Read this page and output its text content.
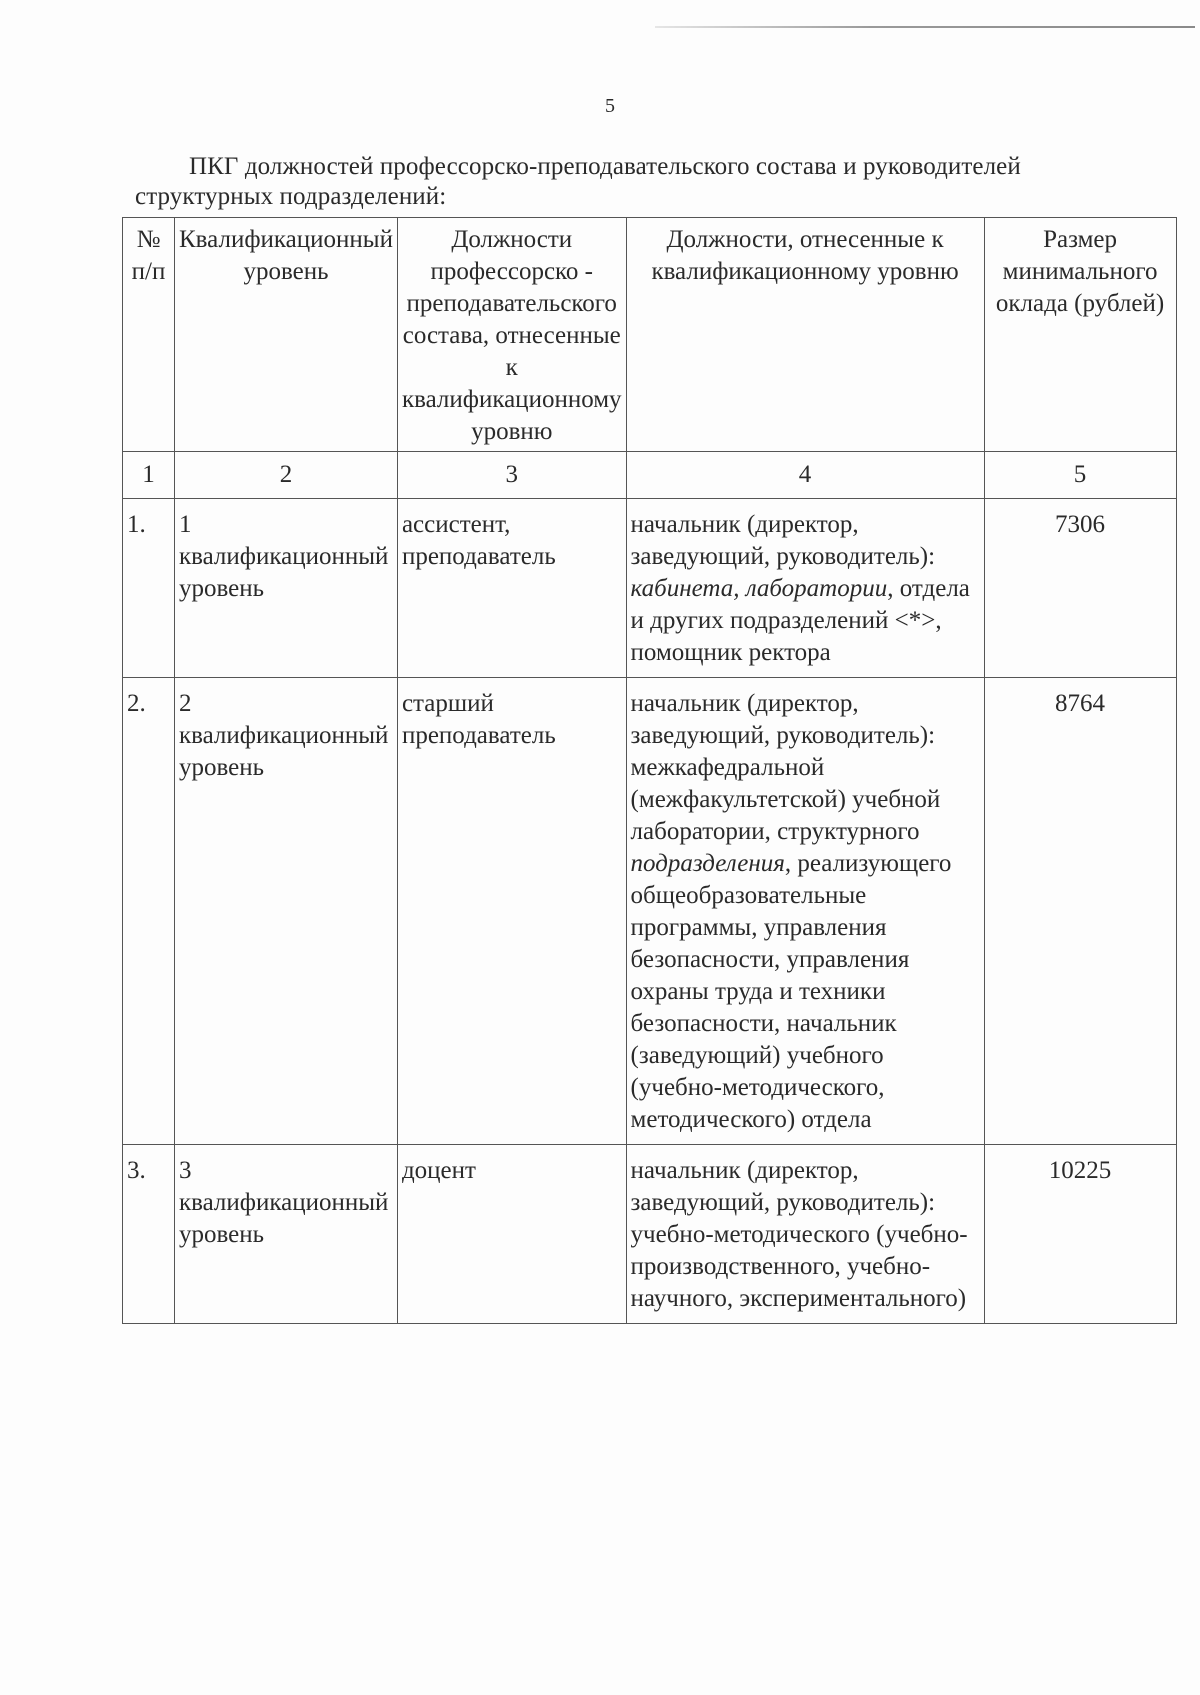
5
ПКГ должностей профессорско-преподавательского состава и руководителей структурных подразделений:
№ п/п	Квалификационный уровень	Должности профессорско - преподавательского состава, отнесенные к квалификационному уровню	Должности, отнесенные к квалификационному уровню	Размер минимального оклада (рублей)
1	2	3	4	5
1.	1 квалификационный уровень	ассистент, преподаватель	начальник (директор, заведующий, руководитель): кабинета, лаборатории, отдела и других подразделений <*>, помощник ректора	7306
2.	2 квалификационный уровень	старший преподаватель	начальник (директор, заведующий, руководитель): межкафедральной (межфакультетской) учебной лаборатории, структурного подразделения, реализующего общеобразовательные программы, управления безопасности, управления охраны труда и техники безопасности, начальник (заведующий) учебного (учебно-методического, методического) отдела	8764
3.	3 квалификационный уровень	доцент	начальник (директор, заведующий, руководитель): учебно-методического (учебно-производственного, учебно-научного, экспериментального)	10225
